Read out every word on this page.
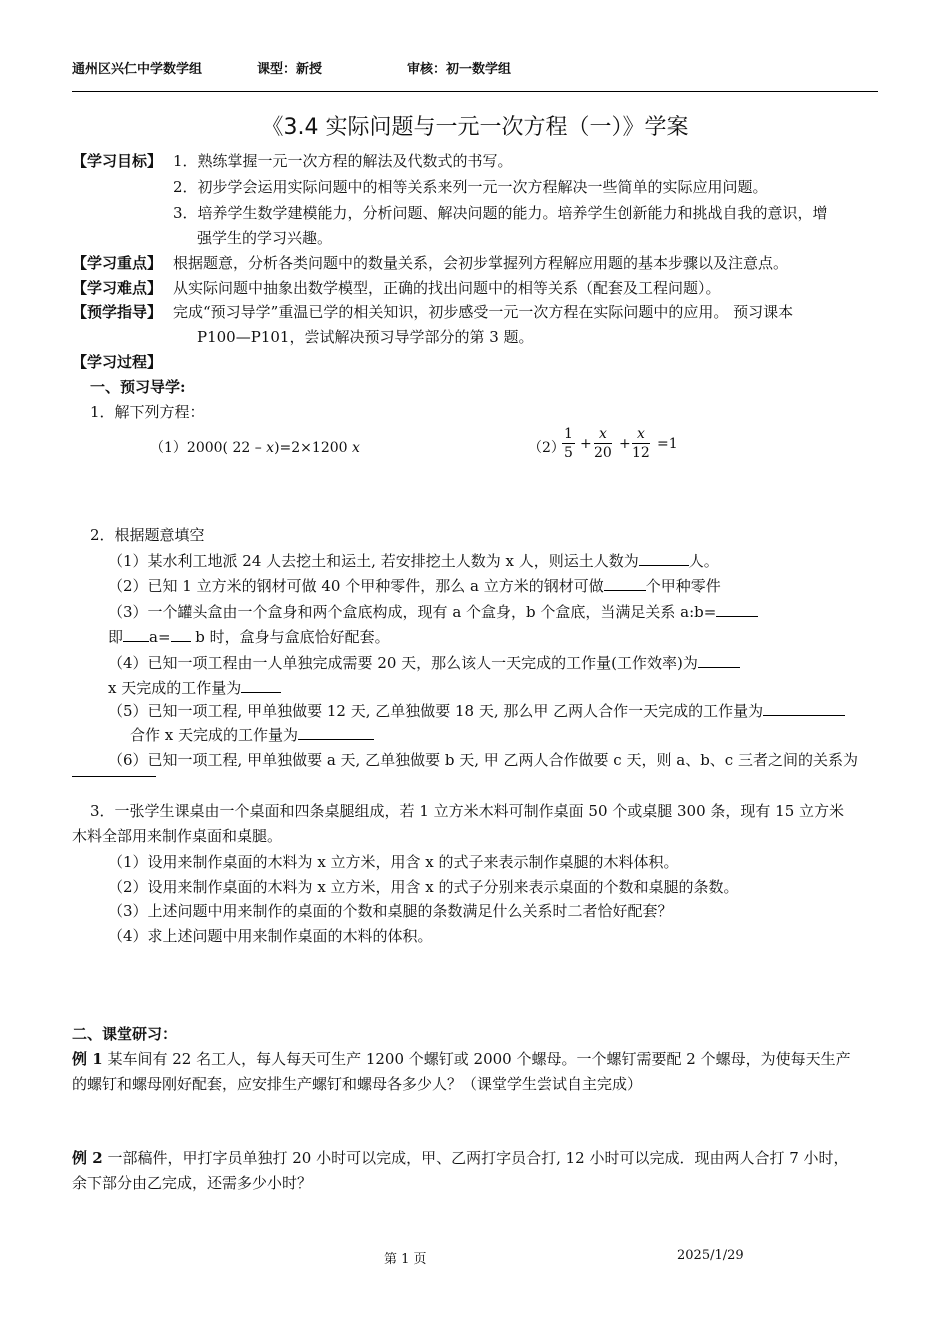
通州区兴仁中学数学组	课型：新授	审核：初一数学组
《3.4 实际问题与一元一次方程（一）》学案
【学习目标】 1．熟练掌握一元一次方程的解法及代数式的书写。
2．初步学会运用实际问题中的相等关系来列一元一次方程解决一些简单的实际应用问题。
3．培养学生数学建模能力，分析问题、解决问题的能力。培养学生创新能力和挑战自我的意识，增
强学生的学习兴趣。
【学习重点】 根据题意，分析各类问题中的数量关系，会初步掌握列方程解应用题的基本步骤以及注意点。
【学习难点】 从实际问题中抽象出数学模型，正确的找出问题中的相等关系（配套及工程问题）。
【预学指导】 完成“预习导学”重温已学的相关知识，初步感受一元一次方程在实际问题中的应用。 预习课本
P100—P101，尝试解决预习导学部分的第 3 题。
【学习过程】
一、预习导学:
1．解下列方程：
（1）2000( 22 – x)=2×1200 x	（2）
$\frac{1}{5} + \frac{x}{20} + \frac{x}{12} =1$
2．根据题意填空
（1）某水利工地派 24 人去挖土和运土, 若安排挖土人数为 x 人，则运土人数为	人。
（2）已知 1 立方米的钢材可做 40 个甲种零件，那么 a 立方米的钢材可做	个甲种零件
（3）一个罐头盒由一个盒身和两个盒底构成，现有 a 个盒身，b 个盒底，当满足关系 a:b=
即 a= b 时，盒身与盒底恰好配套。
（4）已知一项工程由一人单独完成需要 20 天，那么该人一天完成的工作量(工作效率)为
x 天完成的工作量为
（5）已知一项工程, 甲单独做要 12 天, 乙单独做要 18 天, 那么甲 乙两人合作一天完成的工作量为
合作 x 天完成的工作量为
（6）已知一项工程, 甲单独做要 a 天, 乙单独做要 b 天, 甲 乙两人合作做要 c 天，则 a、b、c 三者之间的关系为
3．一张学生课桌由一个桌面和四条桌腿组成，若 1 立方米木料可制作桌面 50 个或桌腿 300 条，现有 15 立方米
木料全部用来制作桌面和桌腿。
（1）设用来制作桌面的木料为 x 立方米，用含 x 的式子来表示制作桌腿的木料体积。
（2）设用来制作桌面的木料为 x 立方米，用含 x 的式子分别来表示桌面的个数和桌腿的条数。
（3）上述问题中用来制作的桌面的个数和桌腿的条数满足什么关系时二者恰好配套？
（4）求上述问题中用来制作桌面的木料的体积。
二、课堂研习：
例 1 某车间有 22 名工人，每人每天可生产 1200 个螺钉或 2000 个螺母。一个螺钉需要配 2 个螺母，为使每天生产
的螺钉和螺母刚好配套，应安排生产螺钉和螺母各多少人？（课堂学生尝试自主完成）
例 2 一部稿件，甲打字员单独打 20 小时可以完成，甲、乙两打字员合打, 12 小时可以完成．现由两人合打 7 小时，
余下部分由乙完成，还需多少小时？
第 1 页	2025/1/29
